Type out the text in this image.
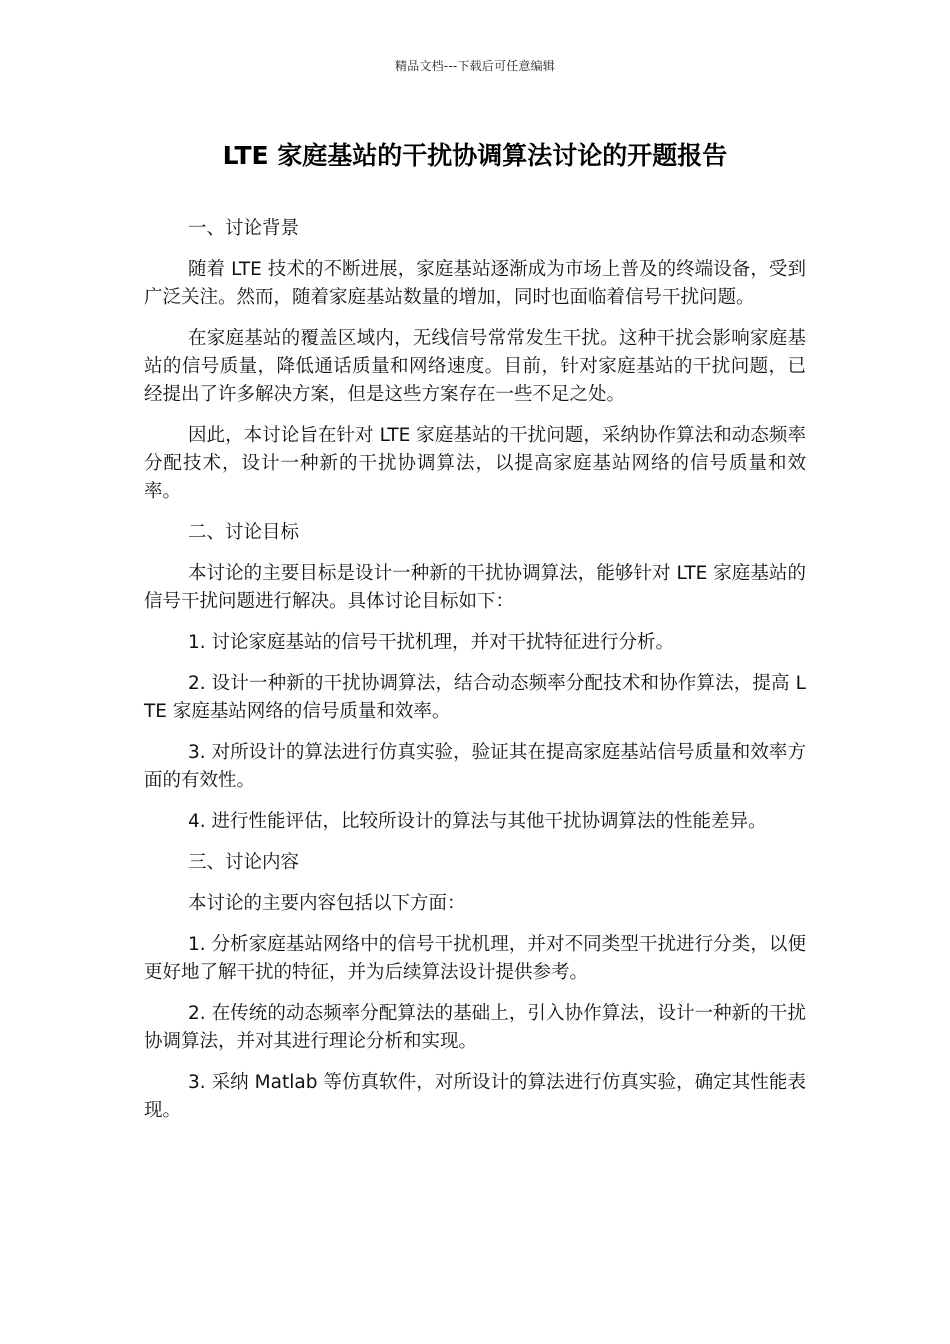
精品文档---下载后可任意编辑
LTE 家庭基站的干扰协调算法讨论的开题报告

一、讨论背景

随着 LTE 技术的不断进展，家庭基站逐渐成为市场上普及的终端设备，受到广泛关注。然而，随着家庭基站数量的增加，同时也面临着信号干扰问题。

在家庭基站的覆盖区域内，无线信号常常发生干扰。这种干扰会影响家庭基站的信号质量，降低通话质量和网络速度。目前，针对家庭基站的干扰问题，已经提出了许多解决方案，但是这些方案存在一些不足之处。

因此，本讨论旨在针对 LTE 家庭基站的干扰问题，采纳协作算法和动态频率分配技术，设计一种新的干扰协调算法，以提高家庭基站网络的信号质量和效率。

二、讨论目标

本讨论的主要目标是设计一种新的干扰协调算法，能够针对 LTE 家庭基站的信号干扰问题进行解决。具体讨论目标如下：

1. 讨论家庭基站的信号干扰机理，并对干扰特征进行分析。

2. 设计一种新的干扰协调算法，结合动态频率分配技术和协作算法，提高 LTE 家庭基站网络的信号质量和效率。

3. 对所设计的算法进行仿真实验，验证其在提高家庭基站信号质量和效率方面的有效性。

4. 进行性能评估，比较所设计的算法与其他干扰协调算法的性能差异。

三、讨论内容

本讨论的主要内容包括以下方面：

1. 分析家庭基站网络中的信号干扰机理，并对不同类型干扰进行分类，以便更好地了解干扰的特征，并为后续算法设计提供参考。

2. 在传统的动态频率分配算法的基础上，引入协作算法，设计一种新的干扰协调算法，并对其进行理论分析和实现。

3. 采纳 Matlab 等仿真软件，对所设计的算法进行仿真实验，确定其性能表现。
